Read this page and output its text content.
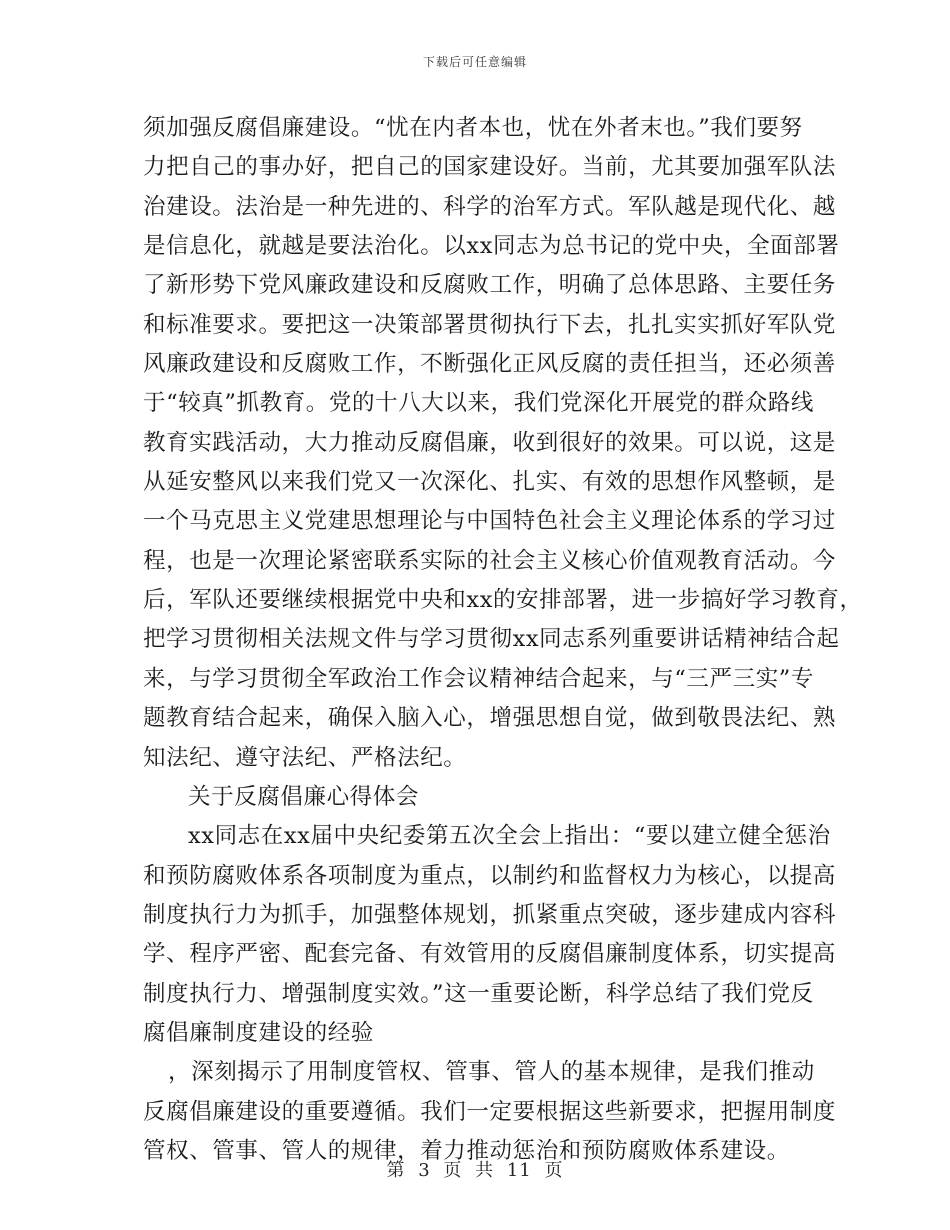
下载后可任意编辑
须加强反腐倡廉建设。“忧在内者本也，忧在外者末也。”我们要努
力把自己的事办好，把自己的国家建设好。当前，尤其要加强军队法
治建设。法治是一种先进的、科学的治军方式。军队越是现代化、越
是信息化，就越是要法治化。以xx同志为总书记的党中央，全面部署
了新形势下党风廉政建设和反腐败工作，明确了总体思路、主要任务
和标准要求。要把这一决策部署贯彻执行下去，扎扎实实抓好军队党
风廉政建设和反腐败工作，不断强化正风反腐的责任担当，还必须善
于“较真”抓教育。党的十八大以来，我们党深化开展党的群众路线
教育实践活动，大力推动反腐倡廉，收到很好的效果。可以说，这是
从延安整风以来我们党又一次深化、扎实、有效的思想作风整顿，是
一个马克思主义党建思想理论与中国特色社会主义理论体系的学习过
程，也是一次理论紧密联系实际的社会主义核心价值观教育活动。今
后，军队还要继续根据党中央和xx的安排部署，进一步搞好学习教育，
把学习贯彻相关法规文件与学习贯彻xx同志系列重要讲话精神结合起
来，与学习贯彻全军政治工作会议精神结合起来，与“三严三实”专
题教育结合起来，确保入脑入心，增强思想自觉，做到敬畏法纪、熟
知法纪、遵守法纪、严格法纪。
关于反腐倡廉心得体会
xx同志在xx届中央纪委第五次全会上指出：“要以建立健全惩治
和预防腐败体系各项制度为重点，以制约和监督权力为核心，以提高
制度执行力为抓手，加强整体规划，抓紧重点突破，逐步建成内容科
学、程序严密、配套完备、有效管用的反腐倡廉制度体系，切实提高
制度执行力、增强制度实效。”这一重要论断，科学总结了我们党反
腐倡廉制度建设的经验
，深刻揭示了用制度管权、管事、管人的基本规律，是我们推动
反腐倡廉建设的重要遵循。我们一定要根据这些新要求，把握用制度
管权、管事、管人的规律，着力推动惩治和预防腐败体系建设。
第 3 页 共 11 页
